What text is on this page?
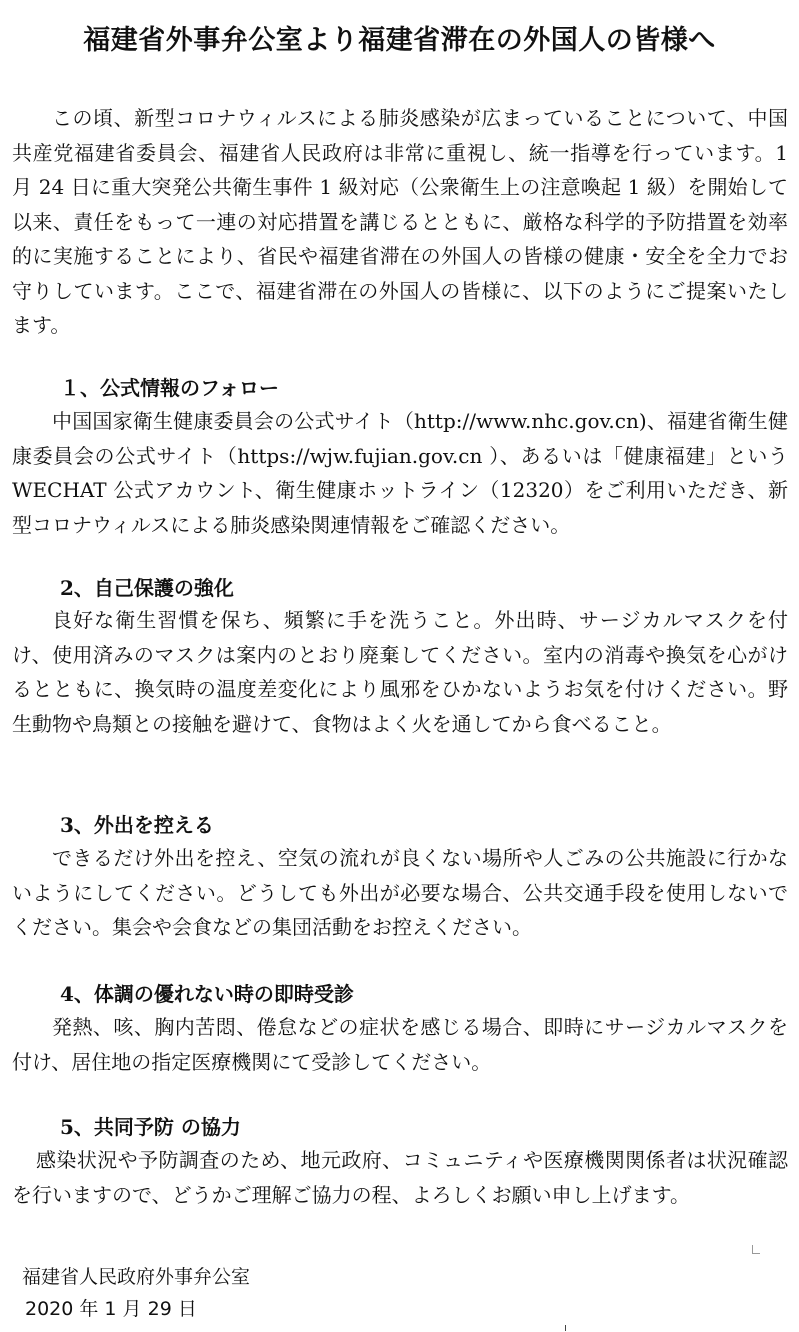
福建省外事弁公室より福建省滞在の外国人の皆様へ
この頃、新型コロナウィルスによる肺炎感染が広まっていることについて、中国共産党福建省委員会、福建省人民政府は非常に重視し、統一指導を行っています。1 月 24 日に重大突発公共衛生事件 1 級対応（公衆衛生上の注意喚起 1 級）を開始して以来、責任をもって一連の対応措置を講じるとともに、厳格な科学的予防措置を効率的に実施することにより、省民や福建省滞在の外国人の皆様の健康・安全を全力でお守りしています。ここで、福建省滞在の外国人の皆様に、以下のようにご提案いたします。
１、公式情報のフォロー
中国国家衛生健康委員会の公式サイト（http://www.nhc.gov.cn)、福建省衛生健康委員会の公式サイト（https://wjw.fujian.gov.cn ）、あるいは「健康福建」という WECHAT 公式アカウント、衛生健康ホットライン（12320）をご利用いただき、新型コロナウィルスによる肺炎感染関連情報をご確認ください。
2、自己保護の強化
良好な衛生習慣を保ち、頻繁に手を洗うこと。外出時、サージカルマスクを付け、使用済みのマスクは案内のとおり廃棄してください。室内の消毒や換気を心がけるとともに、換気時の温度差変化により風邪をひかないようお気を付けください。野生動物や鳥類との接触を避けて、食物はよく火を通してから食べること。
3、外出を控える
できるだけ外出を控え、空気の流れが良くない場所や人ごみの公共施設に行かないようにしてください。どうしても外出が必要な場合、公共交通手段を使用しないでください。集会や会食などの集団活動をお控えください。
4、体調の優れない時の即時受診
発熱、咳、胸内苦悶、倦怠などの症状を感じる場合、即時にサージカルマスクを付け、居住地の指定医療機関にて受診してください。
5、共同予防 の協力
感染状況や予防調査のため、地元政府、コミュニティや医療機関関係者は状況確認を行いますので、どうかご理解ご協力の程、よろしくお願い申し上げます。
福建省人民政府外事弁公室
2020 年 1 月 29 日
